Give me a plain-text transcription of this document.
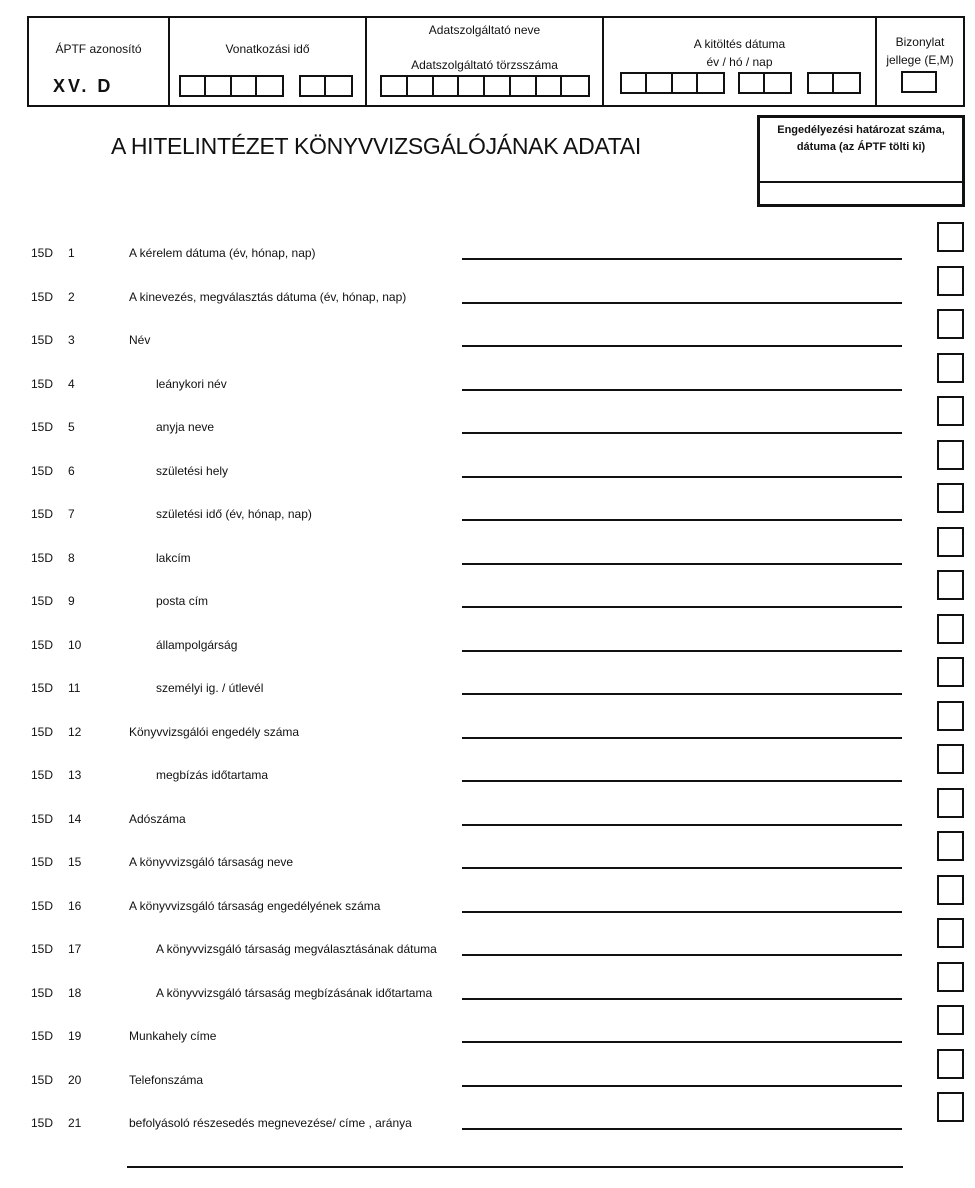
ÁPTF azonosító
XV. D
Vonatkozási idő
Adatszolgáltató neve
Adatszolgáltató törzsszáma
A kitöltés dátuma
év / hó / nap
Bizonylat
jellege (E,M)
A HITELINTÉZET KÖNYVVIZSGÁLÓJÁNAK ADATAI
Engedélyezési határozat száma,
dátuma (az ÁPTF tölti ki)
15D 1	A kérelem dátuma (év, hónap, nap)
15D 2	A kinevezés, megválasztás dátuma (év, hónap, nap)
15D 3	Név
15D 4	leánykori név
15D 5	anyja neve
15D 6	születési hely
15D 7	születési idő (év, hónap, nap)
15D 8	lakcím
15D 9	posta cím
15D 10	állampolgárság
15D 11	személyi ig. / útlevél
15D 12	Könyvvizsgálói engedély száma
15D 13	megbízás időtartama
15D 14	Adószáma
15D 15	A könyvvizsgáló társaság neve
15D 16	A könyvvizsgáló társaság engedélyének száma
15D 17	A könyvvizsgáló társaság megválasztásának dátuma
15D 18	A könyvvizsgáló társaság megbízásának időtartama
15D 19	Munkahely címe
15D 20	Telefonszáma
15D 21	befolyásoló részesedés megnevezése/ címe , aránya
